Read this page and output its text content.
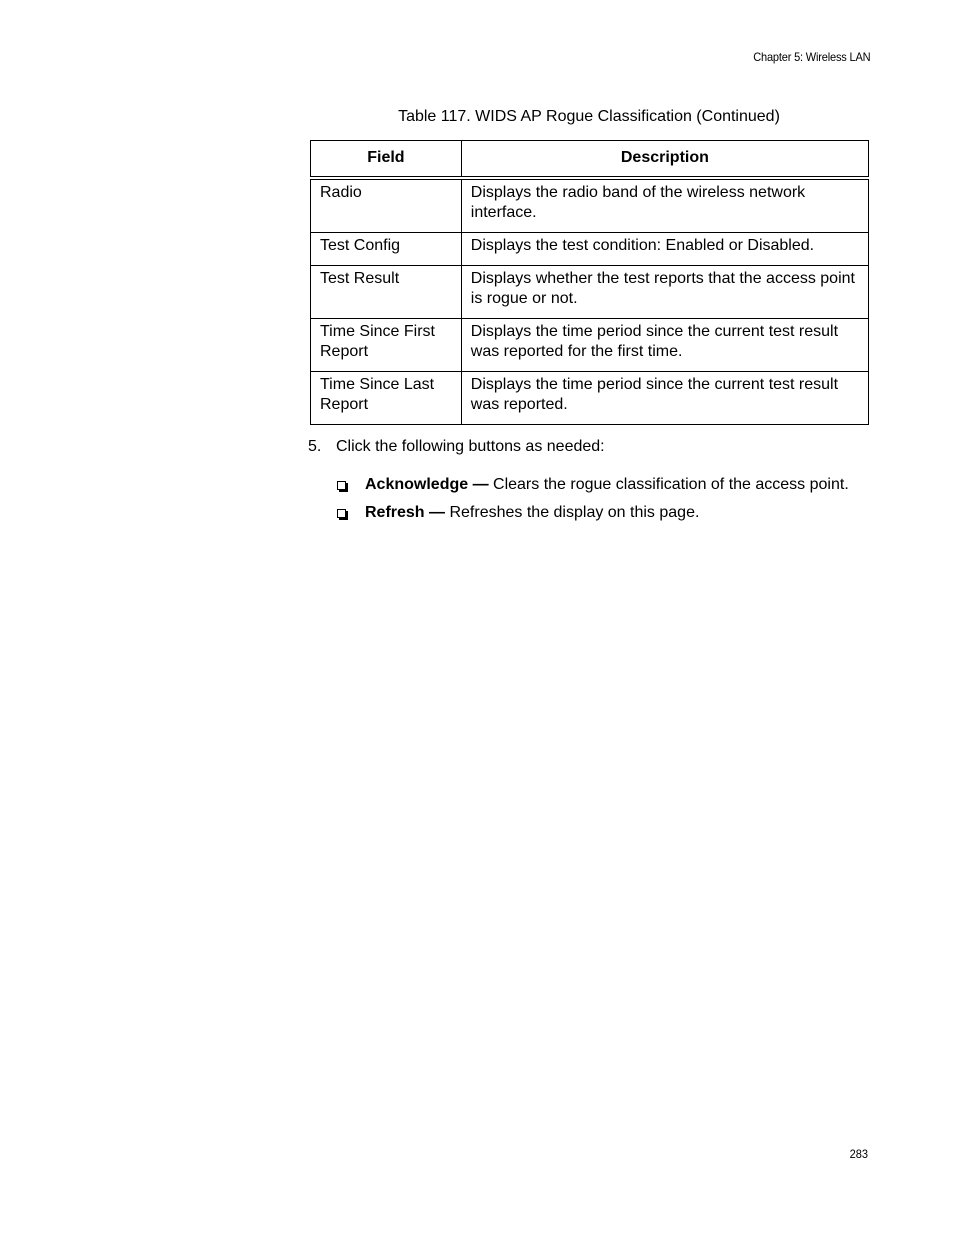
Chapter 5: Wireless LAN
Table 117. WIDS AP Rogue Classification (Continued)
Field	Description
Radio	Displays the radio band of the wireless network interface.
Test Config	Displays the test condition: Enabled or Disabled.
Test Result	Displays whether the test reports that the access point is rogue or not.
Time Since First Report	Displays the time period since the current test result was reported for the first time.
Time Since Last Report	Displays the time period since the current test result was reported.
5. Click the following buttons as needed:
Acknowledge — Clears the rogue classification of the access point.
Refresh — Refreshes the display on this page.
283
